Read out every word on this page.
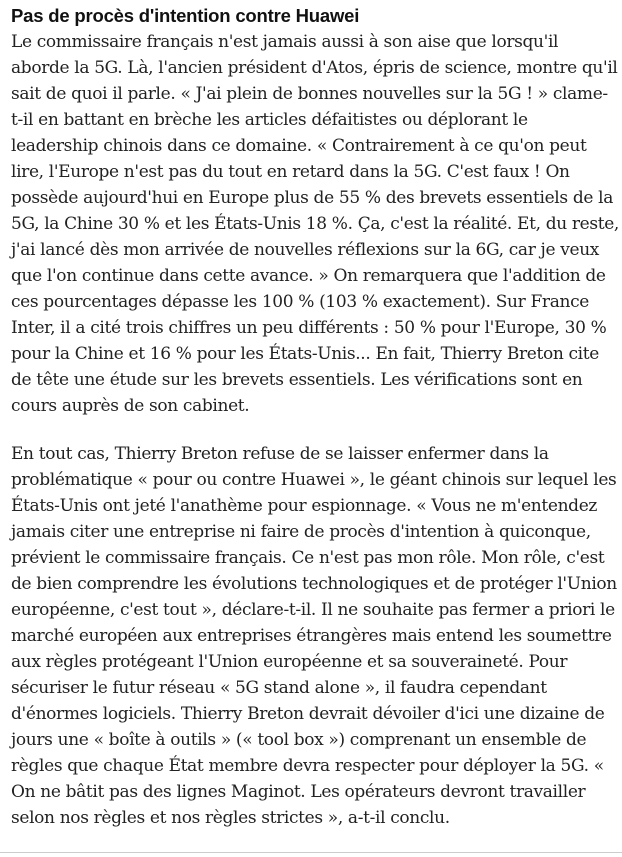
Pas de procès d'intention contre Huawei

Le commissaire français n'est jamais aussi à son aise que lorsqu'il aborde la 5G. Là, l'ancien président d'Atos, épris de science, montre qu'il sait de quoi il parle. « J'ai plein de bonnes nouvelles sur la 5G ! » clame-t-il en battant en brèche les articles défaitistes ou déplorant le leadership chinois dans ce domaine. « Contrairement à ce qu'on peut lire, l'Europe n'est pas du tout en retard dans la 5G. C'est faux ! On possède aujourd'hui en Europe plus de 55 % des brevets essentiels de la 5G, la Chine 30 % et les États-Unis 18 %. Ça, c'est la réalité. Et, du reste, j'ai lancé dès mon arrivée de nouvelles réflexions sur la 6G, car je veux que l'on continue dans cette avance. » On remarquera que l'addition de ces pourcentages dépasse les 100 % (103 % exactement). Sur France Inter, il a cité trois chiffres un peu différents : 50 % pour l'Europe, 30 % pour la Chine et 16 % pour les États-Unis... En fait, Thierry Breton cite de tête une étude sur les brevets essentiels. Les vérifications sont en cours auprès de son cabinet.

En tout cas, Thierry Breton refuse de se laisser enfermer dans la problématique « pour ou contre Huawei », le géant chinois sur lequel les États-Unis ont jeté l'anathème pour espionnage. « Vous ne m'entendez jamais citer une entreprise ni faire de procès d'intention à quiconque, prévient le commissaire français. Ce n'est pas mon rôle. Mon rôle, c'est de bien comprendre les évolutions technologiques et de protéger l'Union européenne, c'est tout », déclare-t-il. Il ne souhaite pas fermer a priori le marché européen aux entreprises étrangères mais entend les soumettre aux règles protégeant l'Union européenne et sa souveraineté. Pour sécuriser le futur réseau « 5G stand alone », il faudra cependant d'énormes logiciels. Thierry Breton devrait dévoiler d'ici une dizaine de jours une « boîte à outils » (« tool box ») comprenant un ensemble de règles que chaque État membre devra respecter pour déployer la 5G. « On ne bâtit pas des lignes Maginot. Les opérateurs devront travailler selon nos règles et nos règles strictes », a-t-il conclu.
